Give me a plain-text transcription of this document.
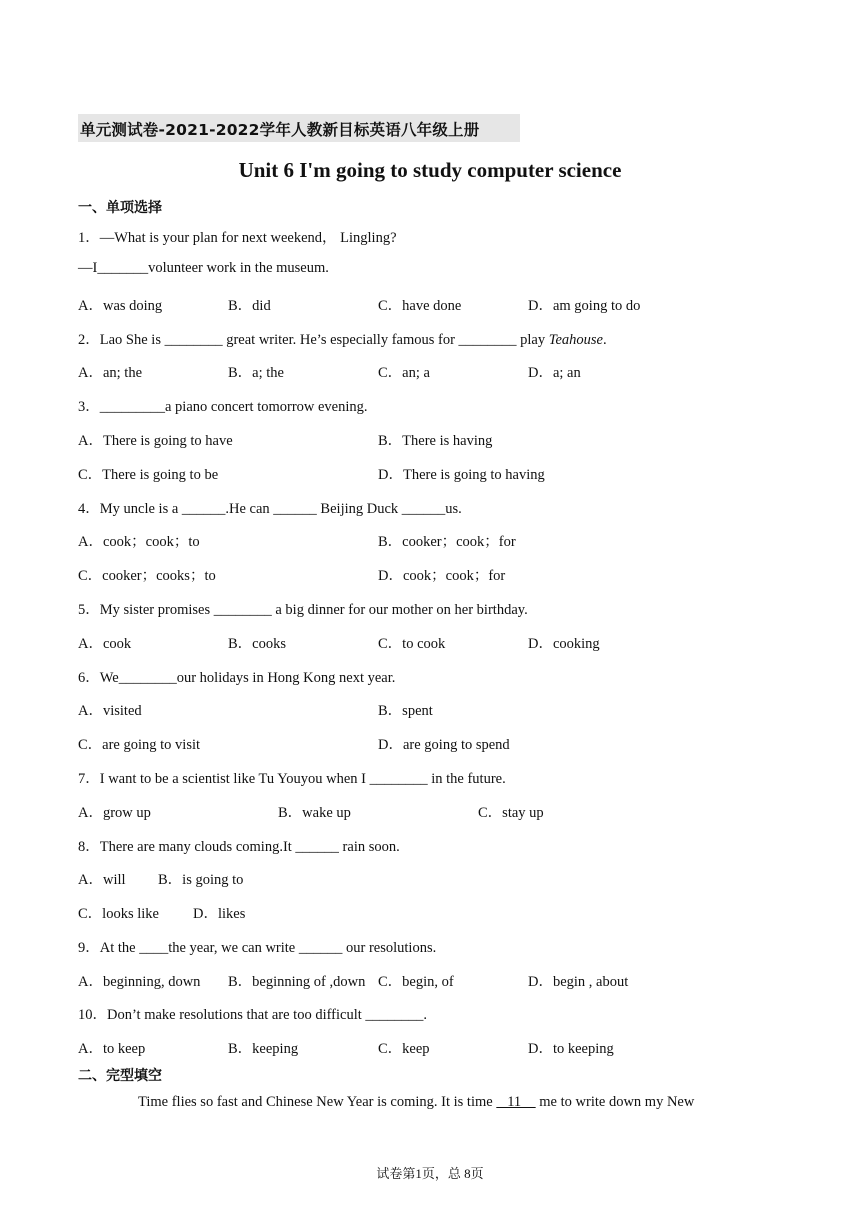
单元测试卷-2021-2022学年人教新目标英语八年级上册
Unit 6 I'm going to study computer science
一、单项选择
1．—What is your plan for next weekend， Lingling?
—I_______volunteer work in the museum.
A．was doing	B．did	C．have done	D．am going to do
2．Lao She is ________ great writer. He’s especially famous for ________ play Teahouse.
A．an; the	B．a; the	C．an; a	D．a; an
3．_________a piano concert tomorrow evening.
A．There is going to have	B．There is having
C．There is going to be	D．There is going to having
4．My uncle is a ______.He can ______ Beijing Duck ______us.
A．cook；cook；to	B．cooker；cook；for
C．cooker；cooks；to	D．cook；cook；for
5．My sister promises ________ a big dinner for our mother on her birthday.
A．cook	B．cooks	C．to cook	D．cooking
6．We________our holidays in Hong Kong next year.
A．visited	B．spent
C．are going to visit	D．are going to spend
7．I want to be a scientist like Tu Youyou when I ________ in the future.
A．grow up	B．wake up	C．stay up
8．There are many clouds coming.It ______ rain soon.
A．will B．is going to
C．looks like D．likes
9．At the ____the year, we can write ______ our resolutions.
A．beginning, down B．beginning of ,down C．begin, of	D．begin , about
10．Don’t make resolutions that are too difficult ________.
A．to keep	B．keeping	C．keep	D．to keeping
二、完型填空
Time flies so fast and Chinese New Year is coming. It is time    11     me to write down my New
试卷第1页，总 8页
